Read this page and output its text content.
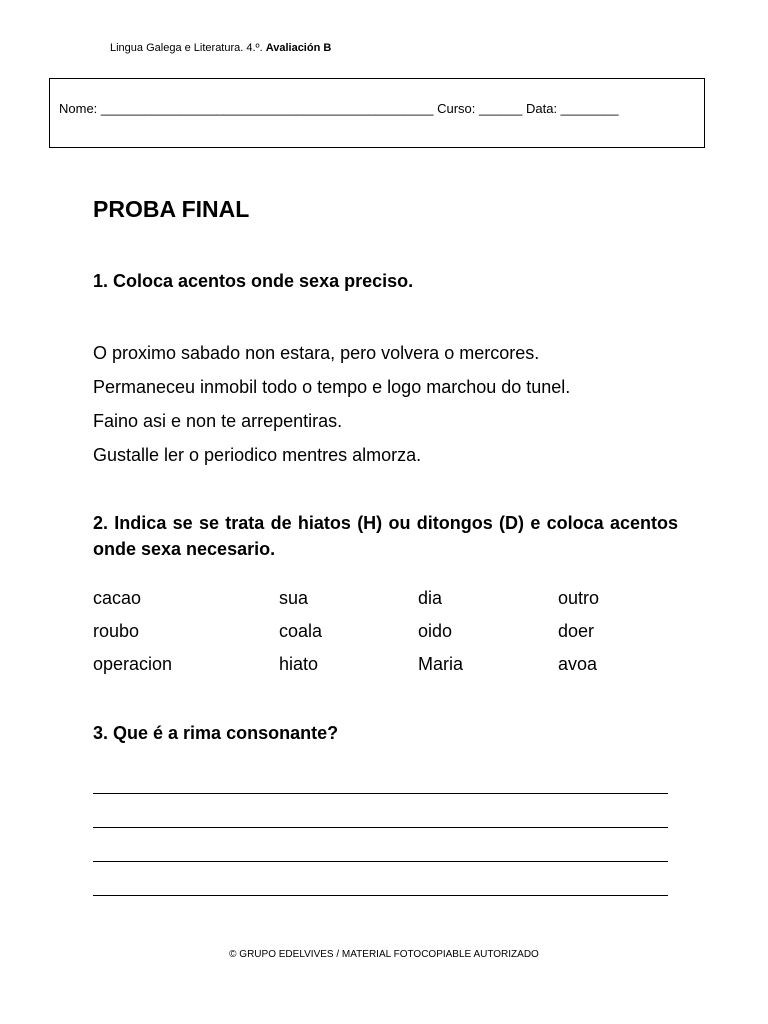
Lingua Galega e Literatura. 4.º. Avaliación B
Nome: ______________________________________________ Curso: ______ Data: ________
PROBA FINAL
1. Coloca acentos onde sexa preciso.
O proximo sabado non estara, pero volvera o mercores.
Permaneceu inmobil todo o tempo e logo marchou do tunel.
Faino asi e non te arrepentiras.
Gustalle ler o periodico mentres almorza.
2. Indica se se trata de hiatos (H) ou ditongos (D) e coloca acentos onde sexa necesario.
cacao	sua	dia	outro
roubo	coala	oido	doer
operacion	hiato	Maria	avoa
3. Que é a rima consonante?
© GRUPO EDELVIVES / MATERIAL FOTOCOPIABLE AUTORIZADO
